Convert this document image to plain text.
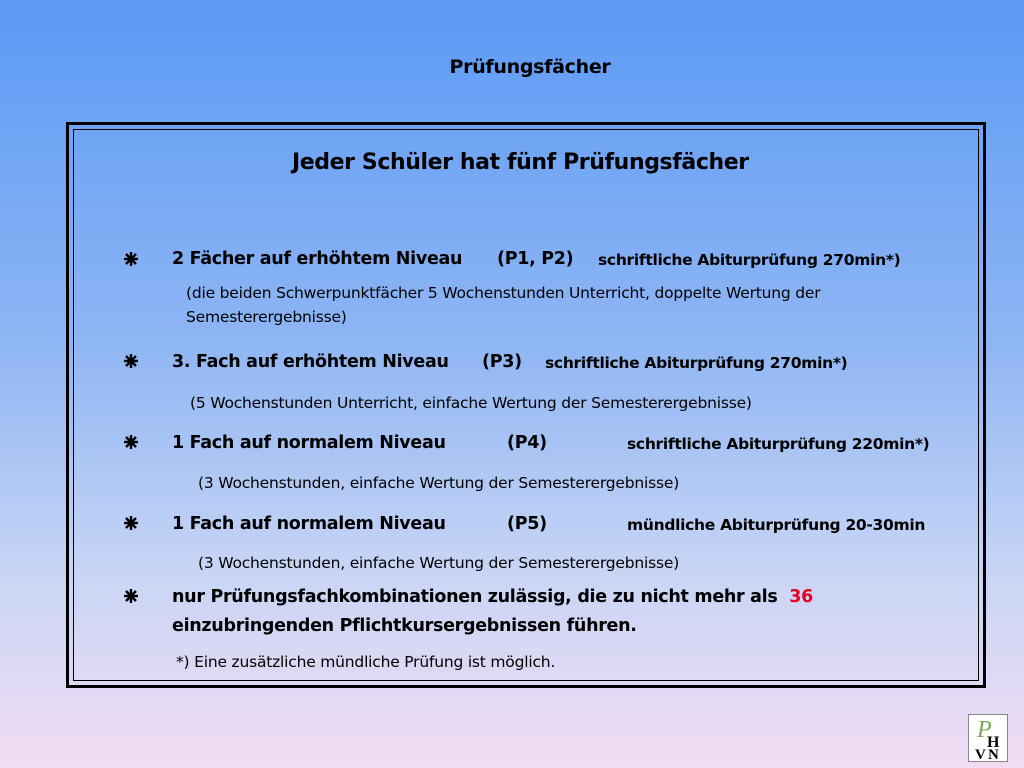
Prüfungsfächer
Jeder Schüler hat fünf Prüfungsfächer
2 Fächer auf erhöhtem Niveau (P1, P2) schriftliche Abiturprüfung 270min*)
(die beiden Schwerpunktfächer 5 Wochenstunden Unterricht, doppelte Wertung der
Semesterergebnisse)
3. Fach auf erhöhtem Niveau (P3) schriftliche Abiturprüfung 270min*)
(5 Wochenstunden Unterricht, einfache Wertung der Semesterergebnisse)
1 Fach auf normalem Niveau	(P4)	schriftliche Abiturprüfung 220min*)
(3 Wochenstunden, einfache Wertung der Semesterergebnisse)
1 Fach auf normalem Niveau	(P5)	mündliche Abiturprüfung 20-30min
(3 Wochenstunden, einfache Wertung der Semesterergebnisse)
nur Prüfungsfachkombinationen zulässig, die zu nicht mehr als 36
einzubringenden Pflichtkursergebnissen führen.
*) Eine zusätzliche mündliche Prüfung ist möglich.
P
H
V N
